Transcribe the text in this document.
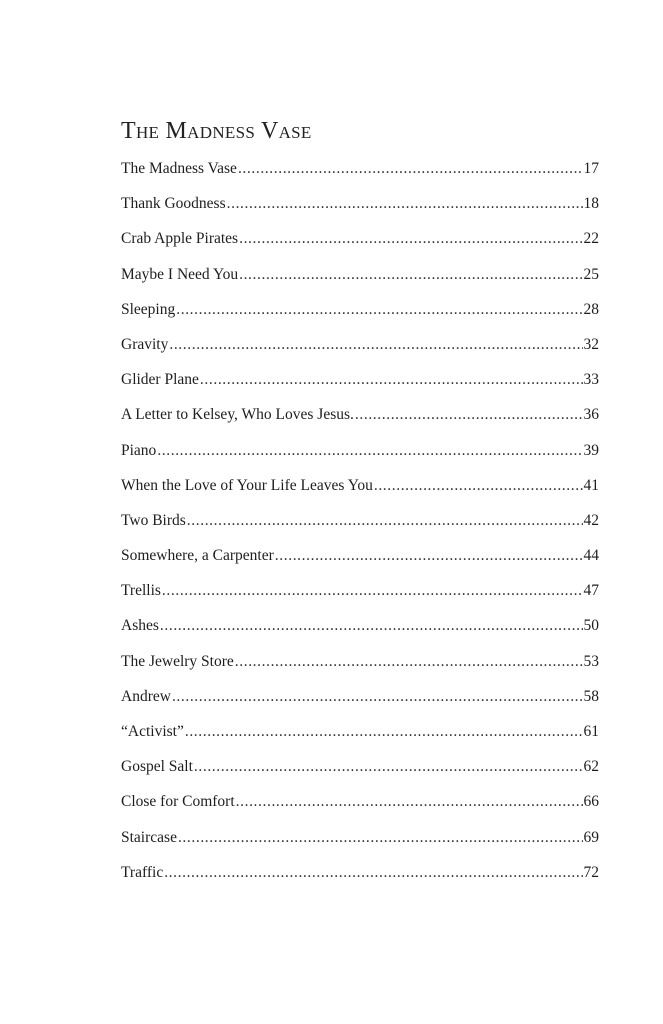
The Madness Vase
The Madness Vase .....	17
Thank Goodness .....	18
Crab Apple Pirates .....	22
Maybe I Need You .....	25
Sleeping .....	28
Gravity .....	32
Glider Plane .....	33
A Letter to Kelsey, Who Loves Jesus. .....	36
Piano .....	39
When the Love of Your Life Leaves You .....	41
Two Birds .....	42
Somewhere, a Carpenter .....	44
Trellis .....	47
Ashes .....	50
The Jewelry Store .....	53
Andrew .....	58
“Activist” .....	61
Gospel Salt .....	62
Close for Comfort .....	66
Staircase .....	69
Traffic .....	72
